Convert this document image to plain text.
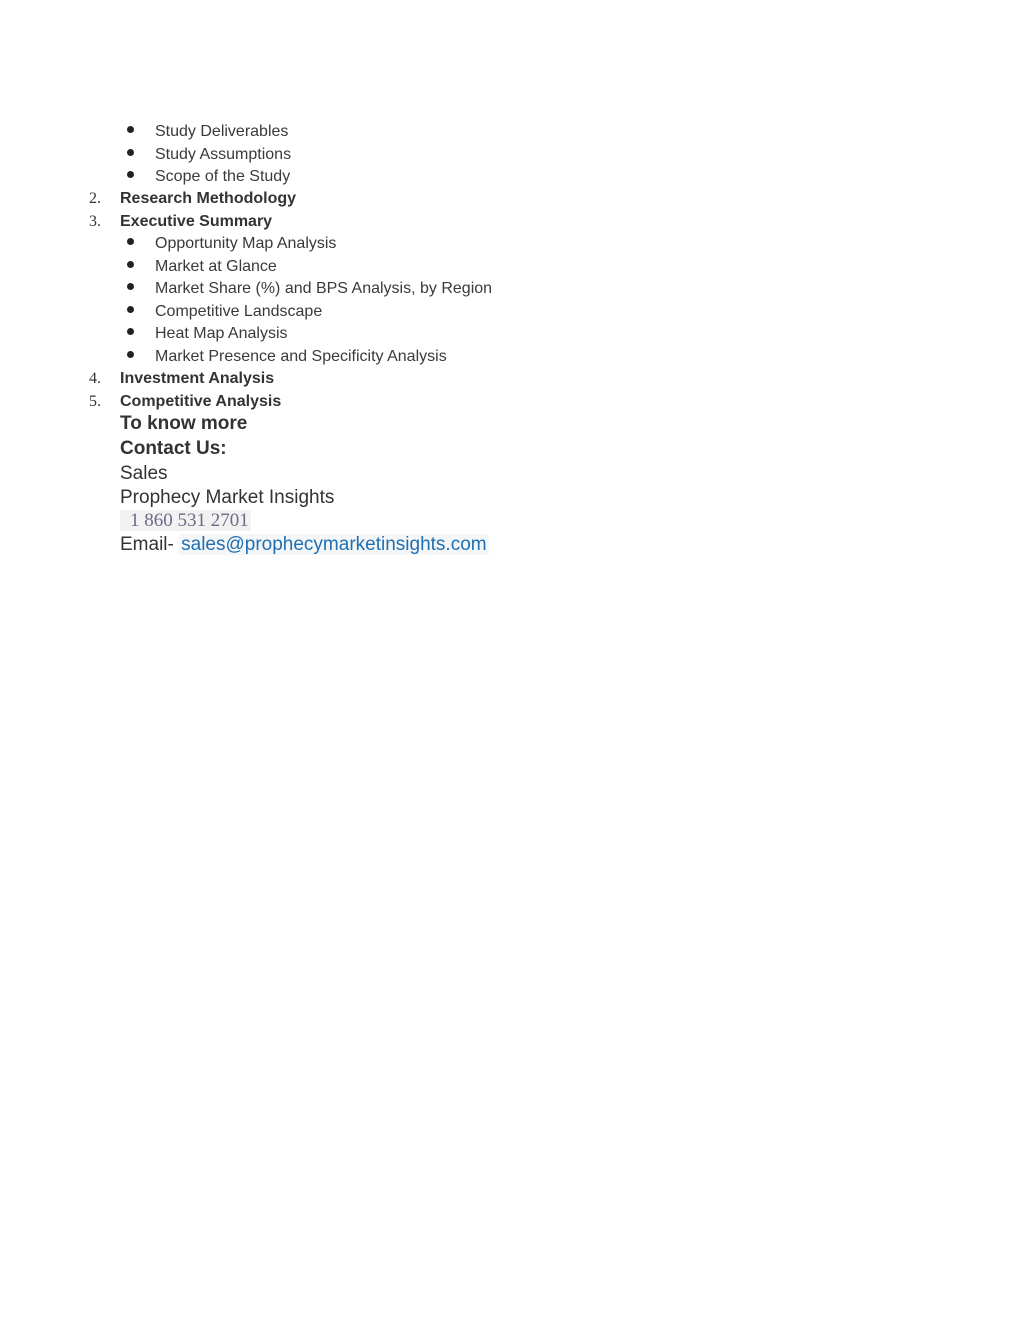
Study Deliverables
Study Assumptions
Scope of the Study
2. Research Methodology
3. Executive Summary
Opportunity Map Analysis
Market at Glance
Market Share (%) and BPS Analysis, by Region
Competitive Landscape
Heat Map Analysis
Market Presence and Specificity Analysis
4. Investment Analysis
5. Competitive Analysis
To know more
Contact Us:
Sales
Prophecy Market Insights
1 860 531 2701
Email- sales@prophecymarketinsights.com
